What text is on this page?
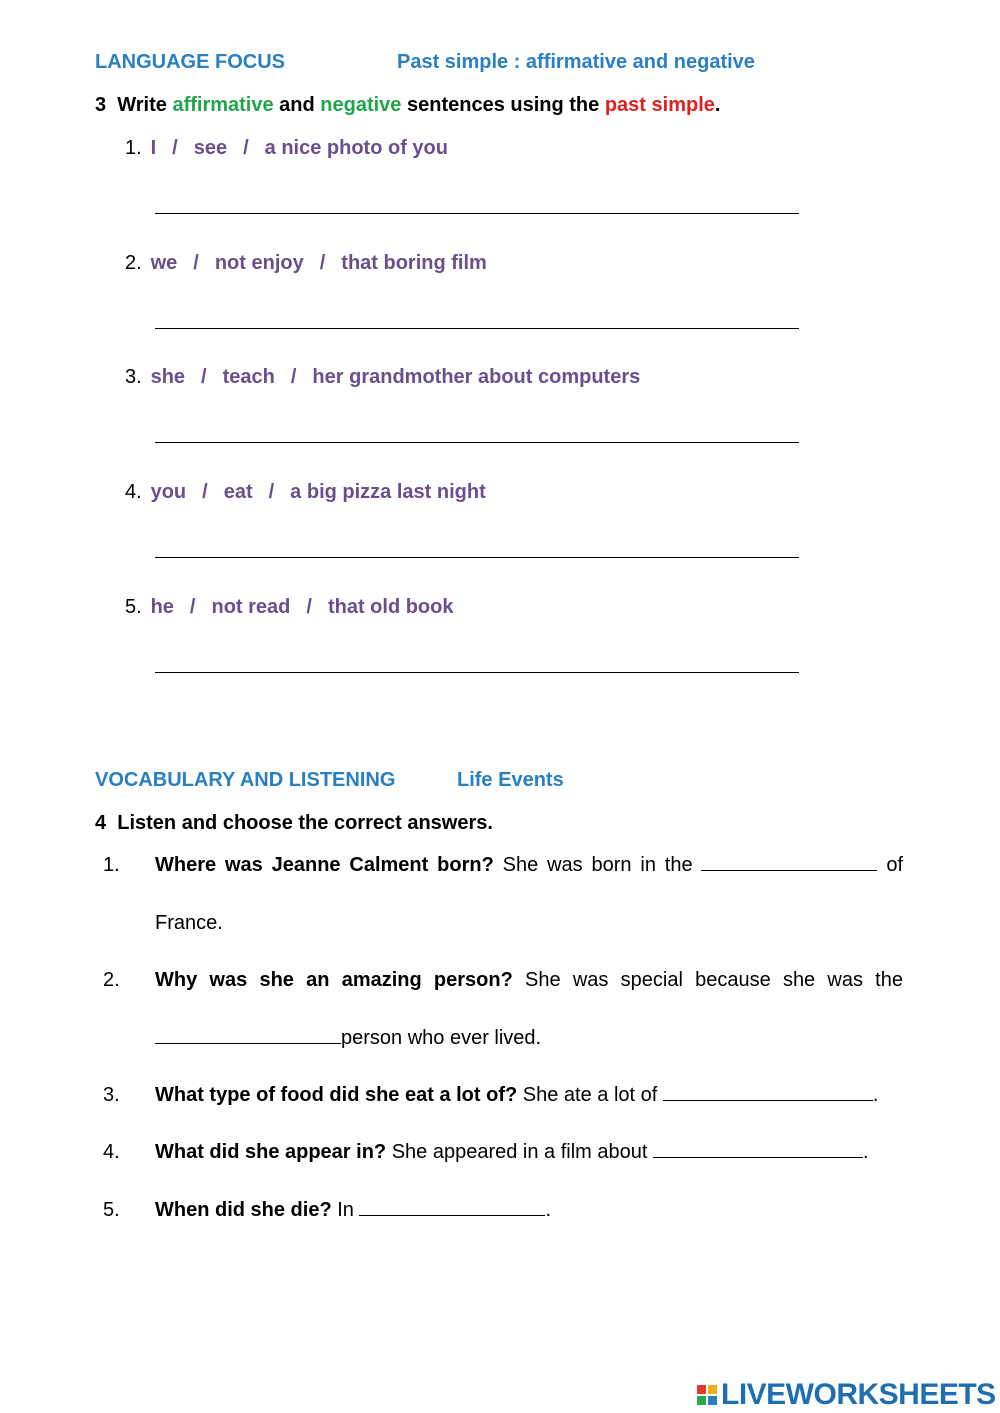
LANGUAGE FOCUS	Past simple : affirmative and negative
3 Write affirmative and negative sentences using the past simple.
1. I / see / a nice photo of you
2. we / not enjoy / that boring film
3. she / teach / her grandmother about computers
4. you / eat / a big pizza last night
5. he / not read / that old book
VOCABULARY AND LISTENING	Life Events
4 Listen and choose the correct answers.
1. Where was Jeanne Calment born? She was born in the	of
France.
2. Why was she an amazing person? She was special because she was the
person who ever lived.
3. What type of food did she eat a lot of? She ate a lot of	.
4. What did she appear in? She appeared in a film about	.
5. When did she die? In	.
LIVEWORKSHEETS
